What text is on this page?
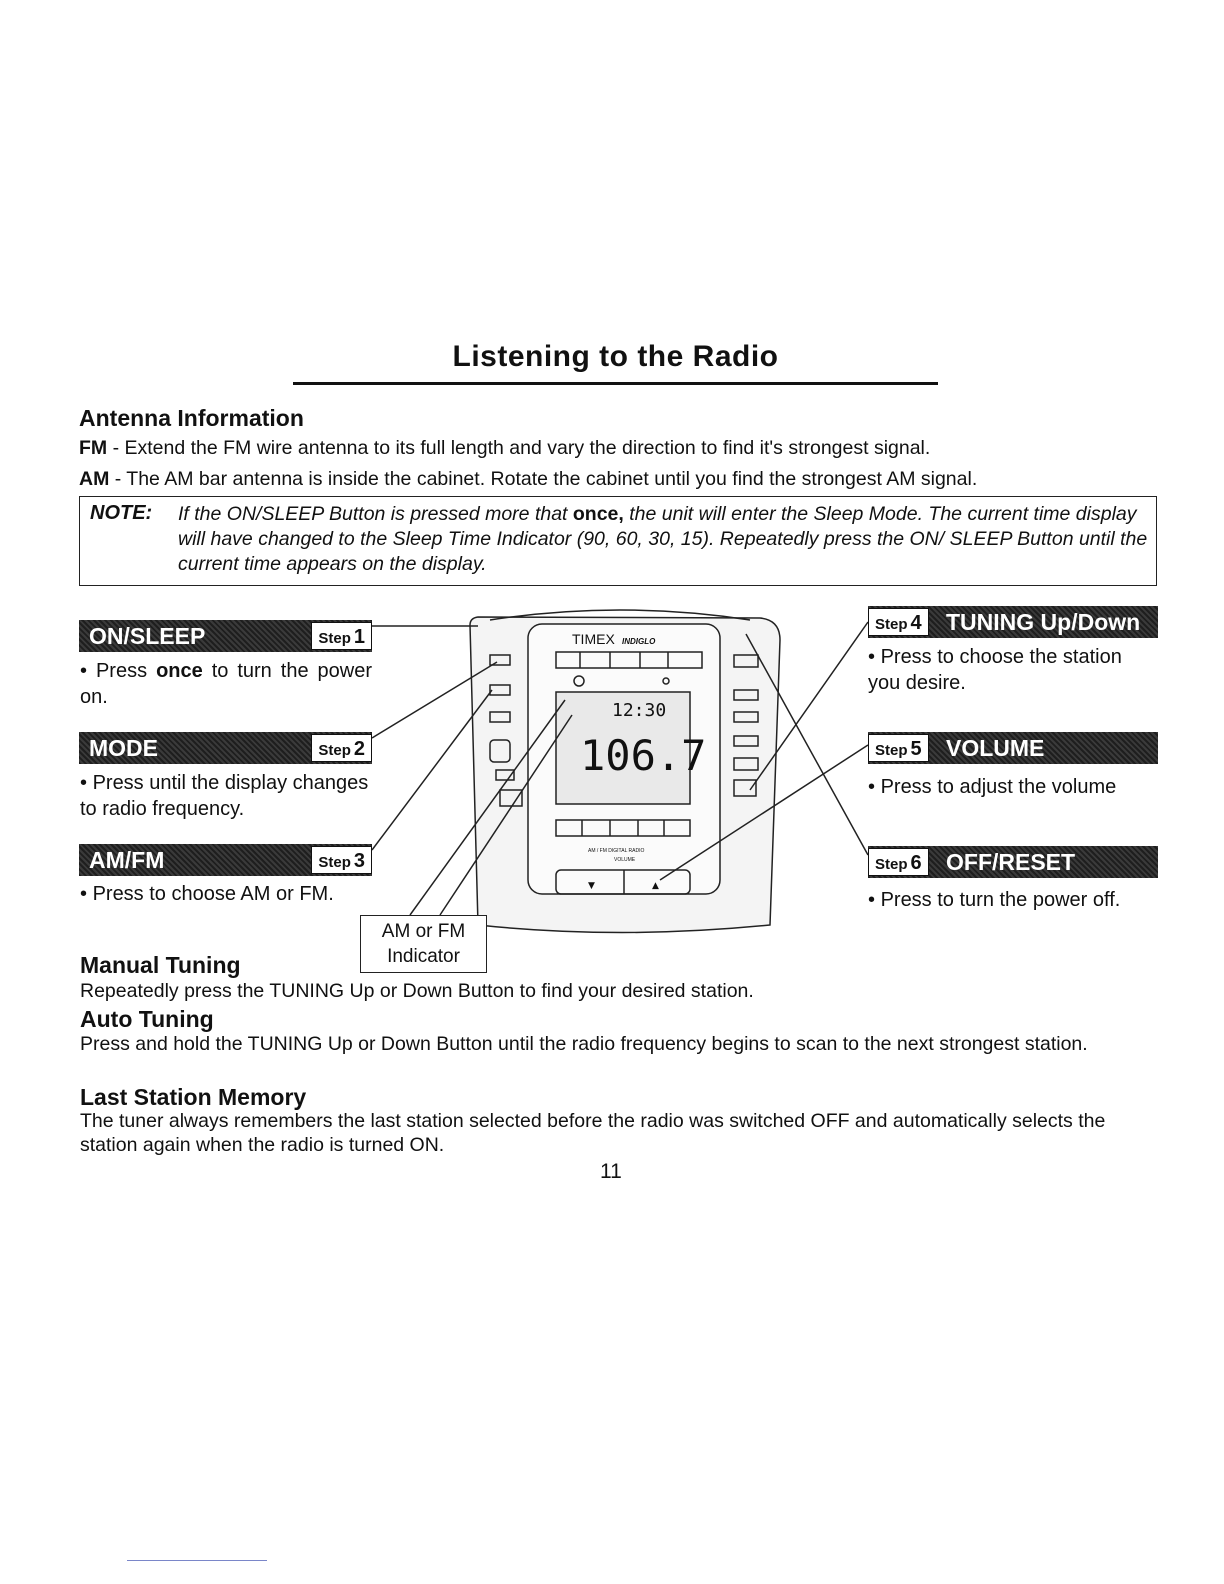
Listening to the Radio
Antenna Information
FM - Extend the FM wire antenna to its full length and vary the direction to find it's strongest signal.
AM - The AM bar antenna is inside the cabinet. Rotate the cabinet until you find the strongest AM signal.
NOTE: If the ON/SLEEP Button is pressed more that once, the unit will enter the Sleep Mode. The current time display will have changed to the Sleep Time Indicator (90, 60, 30, 15). Repeatedly press the ON/ SLEEP Button until the current time appears on the display.
TIMEX INDIGLO
12:30
106.7
AM / FM DIGITAL RADIO
VOLUME
▼	▲
ON/SLEEP	Step 1
• Press once to turn the power on.
MODE	Step 2
• Press until the display changes to radio frequency.
AM/FM	Step 3
• Press to choose AM or FM.
Step 4	TUNING Up/Down
• Press to choose the station you desire.
Step 5	VOLUME
• Press to adjust the volume
Step 6	OFF/RESET
• Press to turn the power off.
AM or FM
Indicator
Manual Tuning
Repeatedly press the TUNING Up or Down Button to find your desired station.
Auto Tuning
Press and hold the TUNING Up or Down Button until the radio frequency begins to scan to the next strongest station.
Last Station Memory
The tuner always remembers the last station selected before the radio was switched OFF and automatically selects the station again when the radio is turned ON.
11
